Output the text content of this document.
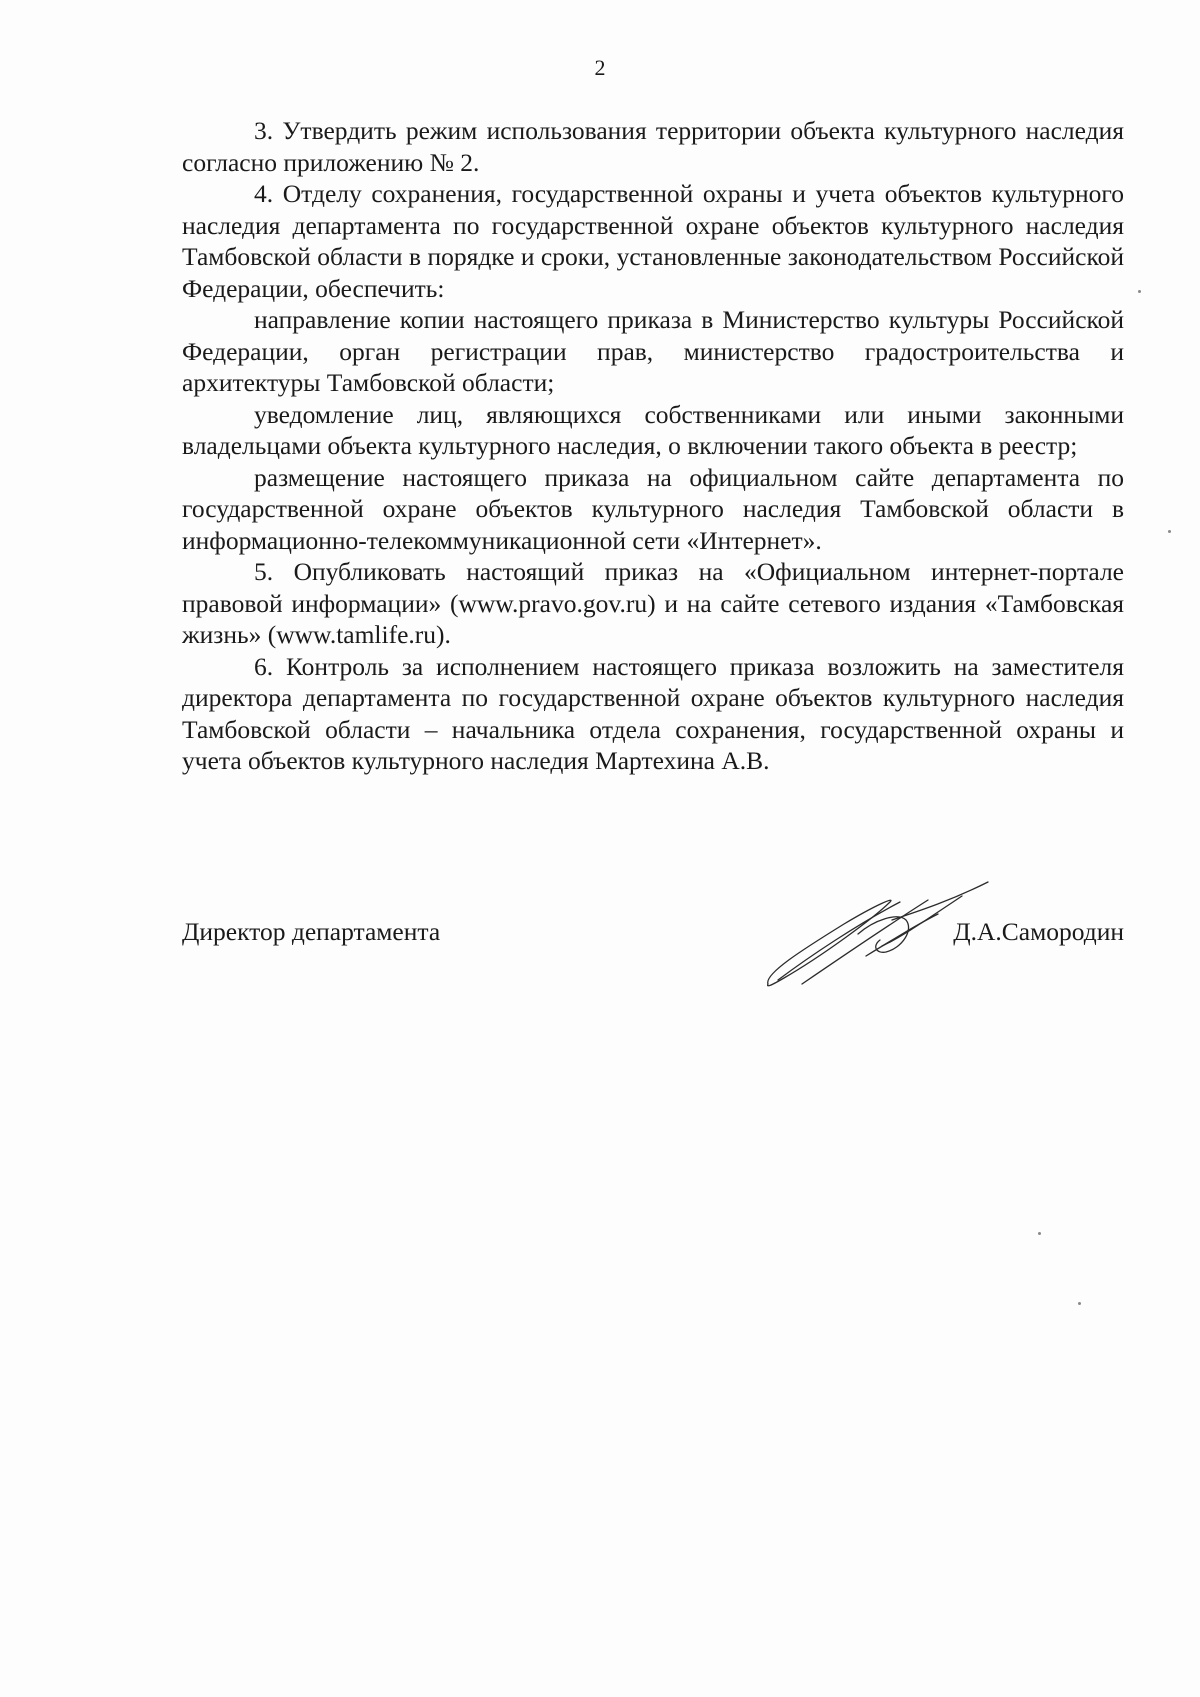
2

3. Утвердить режим использования территории объекта культурного наследия согласно приложению № 2.

4. Отделу сохранения, государственной охраны и учета объектов культурного наследия департамента по государственной охране объектов культурного наследия Тамбовской области в порядке и сроки, установленные законодательством Российской Федерации, обеспечить:

направление копии настоящего приказа в Министерство культуры Российской Федерации, орган регистрации прав, министерство градостроительства и архитектуры Тамбовской области;

уведомление лиц, являющихся собственниками или иными законными владельцами объекта культурного наследия, о включении такого объекта в реестр;

размещение настоящего приказа на официальном сайте департамента по государственной охране объектов культурного наследия Тамбовской области в информационно-телекоммуникационной сети «Интернет».

5. Опубликовать настоящий приказ на «Официальном интернет-портале правовой информации» (www.pravo.gov.ru) и на сайте сетевого издания «Тамбовская жизнь» (www.tamlife.ru).

6. Контроль за исполнением настоящего приказа возложить на заместителя директора департамента по государственной охране объектов культурного наследия Тамбовской области – начальника отдела сохранения, государственной охраны и учета объектов культурного наследия Мартехина А.В.

Директор департамента	Д.А.Самородин
